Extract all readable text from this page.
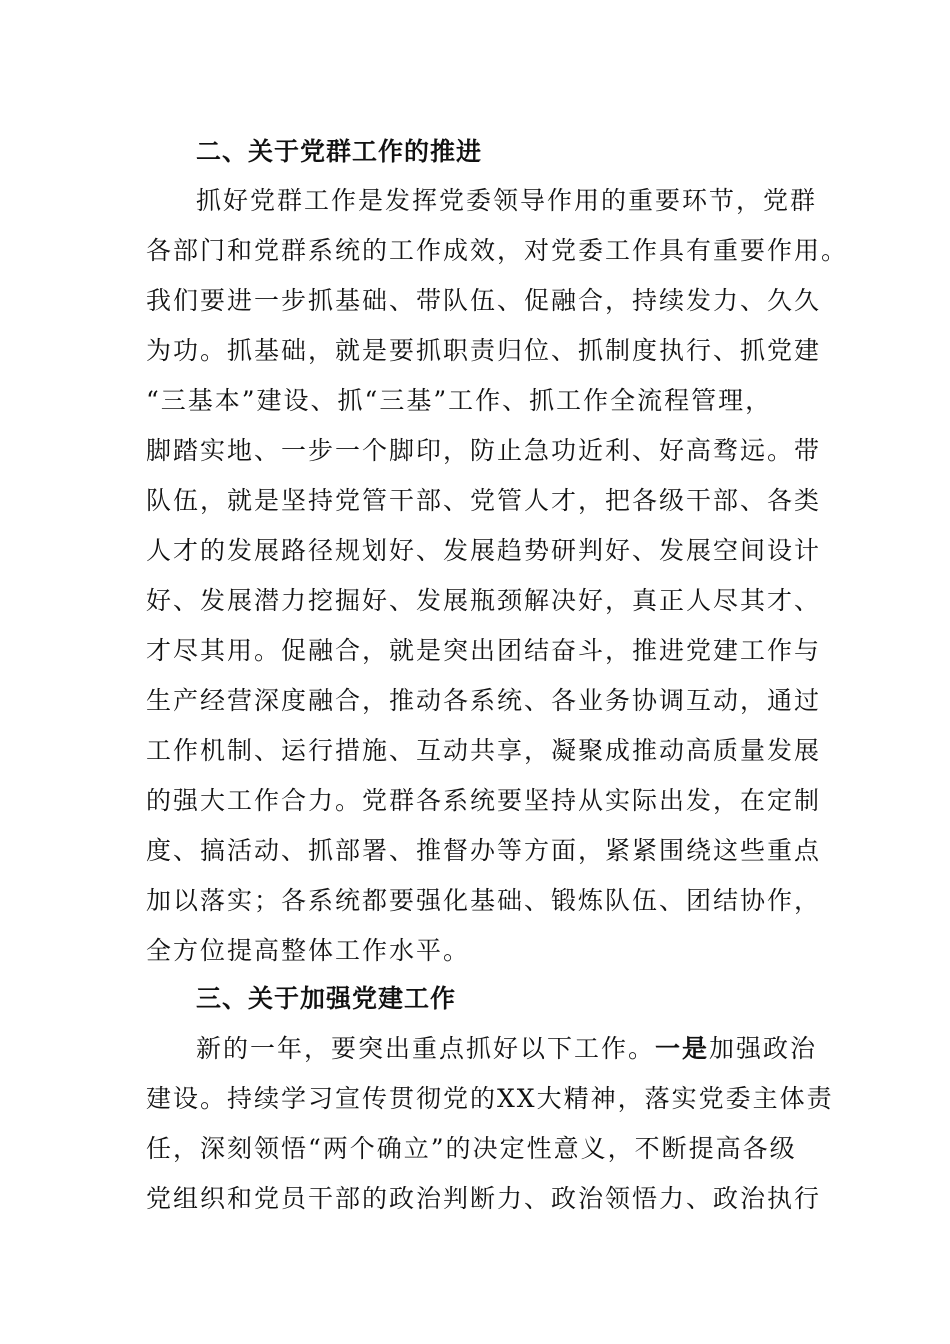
二、关于党群工作的推进
抓好党群工作是发挥党委领导作用的重要环节，党群
各部门和党群系统的工作成效，对党委工作具有重要作用。
我们要进一步抓基础、带队伍、促融合，持续发力、久久
为功。抓基础，就是要抓职责归位、抓制度执行、抓党建
“三基本”建设、抓“三基”工作、抓工作全流程管理，
脚踏实地、一步一个脚印，防止急功近利、好高骛远。带
队伍，就是坚持党管干部、党管人才，把各级干部、各类
人才的发展路径规划好、发展趋势研判好、发展空间设计
好、发展潜力挖掘好、发展瓶颈解决好，真正人尽其才、
才尽其用。促融合，就是突出团结奋斗，推进党建工作与
生产经营深度融合，推动各系统、各业务协调互动，通过
工作机制、运行措施、互动共享，凝聚成推动高质量发展
的强大工作合力。党群各系统要坚持从实际出发，在定制
度、搞活动、抓部署、推督办等方面，紧紧围绕这些重点
加以落实；各系统都要强化基础、锻炼队伍、团结协作，
全方位提高整体工作水平。
三、关于加强党建工作
新的一年，要突出重点抓好以下工作。一是加强政治
建设。持续学习宣传贯彻党的XX大精神，落实党委主体责
任，深刻领悟“两个确立”的决定性意义，不断提高各级
党组织和党员干部的政治判断力、政治领悟力、政治执行
